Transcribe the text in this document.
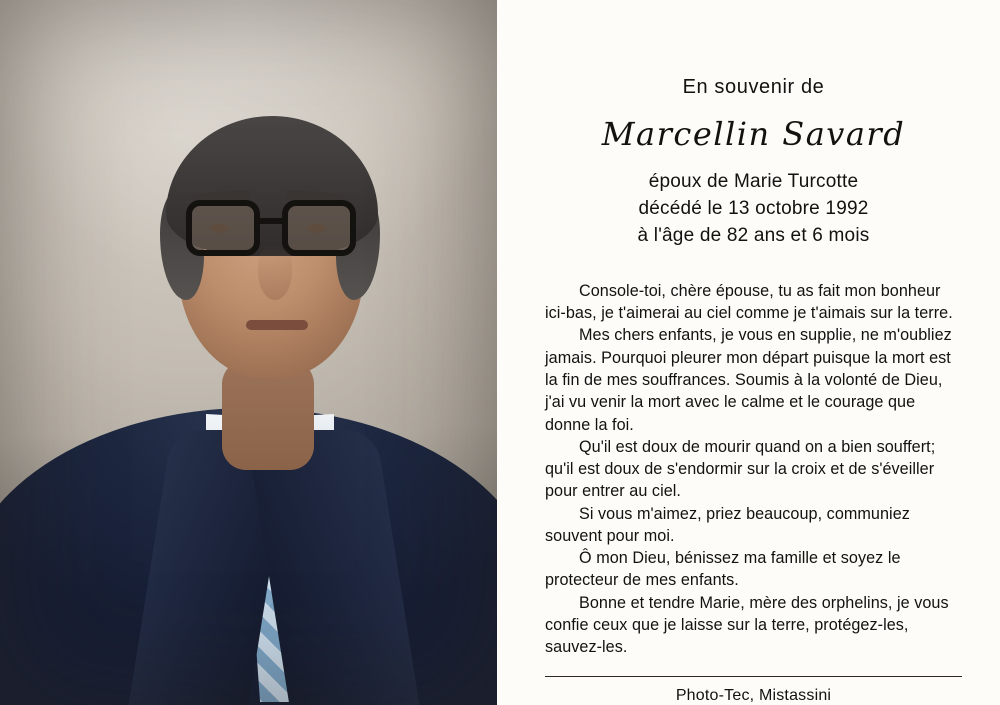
En souvenir de
Marcellin Savard
époux de Marie Turcotte
décédé le 13 octobre 1992
à l'âge de 82 ans et 6 mois

Console-toi, chère épouse, tu as fait mon bonheur ici-bas, je t'aimerai au ciel comme je t'aimais sur la terre.

Mes chers enfants, je vous en supplie, ne m'oubliez jamais. Pourquoi pleurer mon départ puisque la mort est la fin de mes souffrances. Soumis à la volonté de Dieu, j'ai vu venir la mort avec le calme et le courage que donne la foi.

Qu'il est doux de mourir quand on a bien souffert; qu'il est doux de s'endormir sur la croix et de s'éveiller pour entrer au ciel.

Si vous m'aimez, priez beaucoup, communiez souvent pour moi.

Ô mon Dieu, bénissez ma famille et soyez le protecteur de mes enfants.

Bonne et tendre Marie, mère des orphelins, je vous confie ceux que je laisse sur la terre, protégez-les, sauvez-les.

Photo-Tec, Mistassini
